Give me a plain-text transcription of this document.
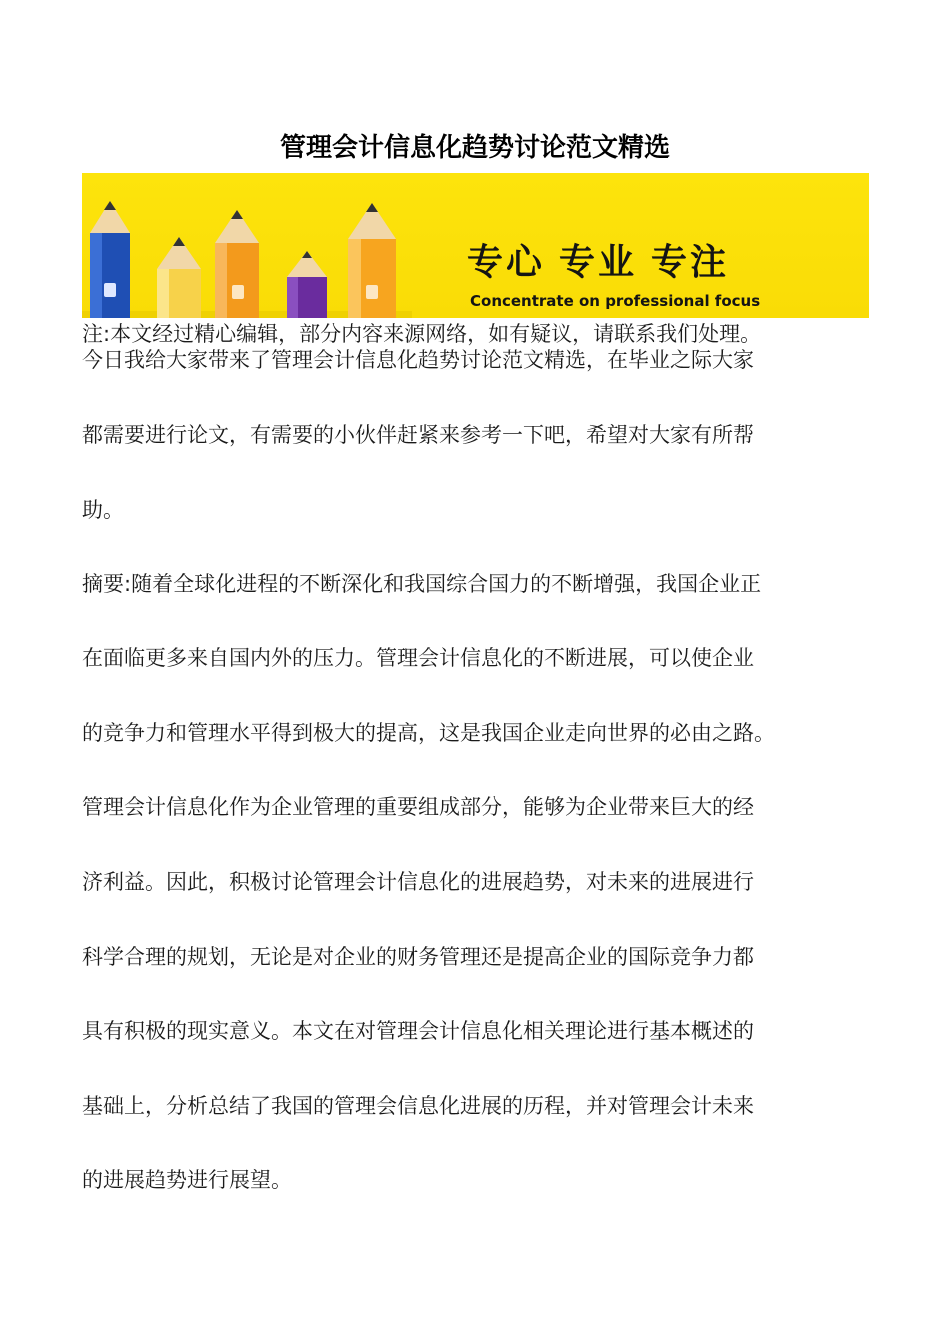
管理会计信息化趋势讨论范文精选
专心 专业 专注
Concentrate on professional focus
注:本文经过精心编辑，部分内容来源网络，如有疑议，请联系我们处理。
今日我给大家带来了管理会计信息化趋势讨论范文精选，在毕业之际大家
都需要进行论文，有需要的小伙伴赶紧来参考一下吧，希望对大家有所帮
助。
摘要:随着全球化进程的不断深化和我国综合国力的不断增强，我国企业正
在面临更多来自国内外的压力。管理会计信息化的不断进展，可以使企业
的竞争力和管理水平得到极大的提高，这是我国企业走向世界的必由之路。
管理会计信息化作为企业管理的重要组成部分，能够为企业带来巨大的经
济利益。因此，积极讨论管理会计信息化的进展趋势，对未来的进展进行
科学合理的规划，无论是对企业的财务管理还是提高企业的国际竞争力都
具有积极的现实意义。本文在对管理会计信息化相关理论进行基本概述的
基础上，分析总结了我国的管理会信息化进展的历程，并对管理会计未来
的进展趋势进行展望。
